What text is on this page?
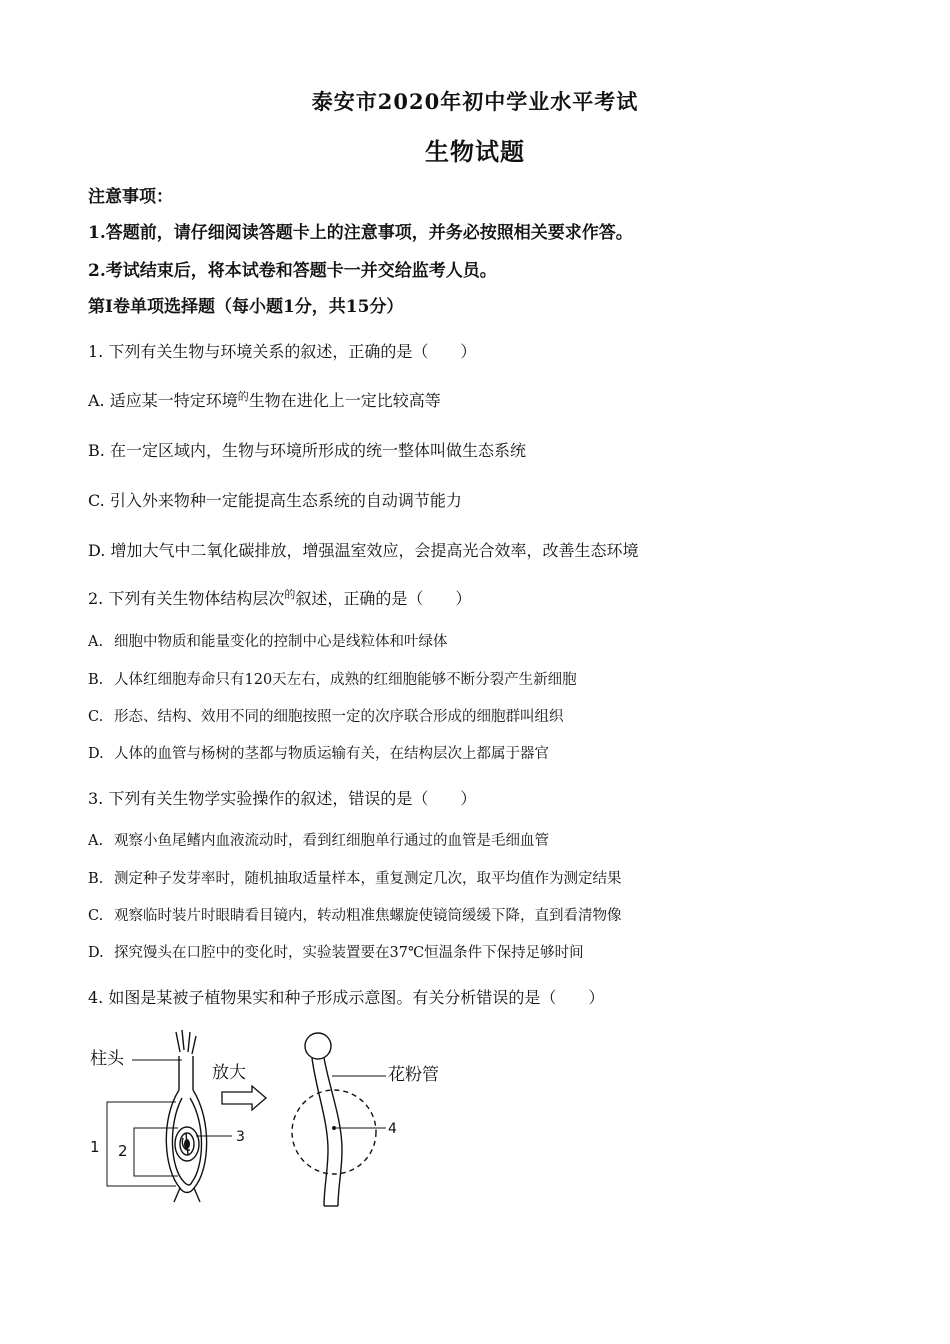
泰安市2020年初中学业水平考试
生物试题
注意事项：
1.答题前，请仔细阅读答题卡上的注意事项，并务必按照相关要求作答。
2.考试结束后，将本试卷和答题卡一并交给监考人员。
第Ⅰ卷单项选择题（每小题1分，共15分）
1. 下列有关生物与环境关系的叙述，正确的是（　　）
A. 适应某一特定环境$^的$生物在进化上一定比较高等
B. 在一定区域内，生物与环境所形成的统一整体叫做生态系统
C. 引入外来物种一定能提高生态系统的自动调节能力
D. 增加大气中二氧化碳排放，增强温室效应，会提高光合效率，改善生态环境
2. 下列有关生物体结构层次$^的$叙述，正确的是（　　）
A. 细胞中物质和能量变化的控制中心是线粒体和叶绿体
B. 人体红细胞寿命只有120天左右，成熟的红细胞能够不断分裂产生新细胞
C. 形态、结构、效用不同的细胞按照一定的次序联合形成的细胞群叫组织
D. 人体的血管与杨树的茎都与物质运输有关，在结构层次上都属于器官
3. 下列有关生物学实验操作的叙述，错误的是（　　）
A. 观察小鱼尾鳍内血液流动时，看到红细胞单行通过的血管是毛细血管
B. 测定种子发芽率时，随机抽取适量样本，重复测定几次，取平均值作为测定结果
C. 观察临时装片时眼睛看目镜内，转动粗准焦螺旋使镜筒缓缓下降，直到看清物像
D. 探究馒头在口腔中的变化时，实验装置要在37℃恒温条件下保持足够时间
4. 如图是某被子植物果实和种子形成示意图。有关分析错误的是（　　）
柱头
1 2
3
放大	花粉管
4
